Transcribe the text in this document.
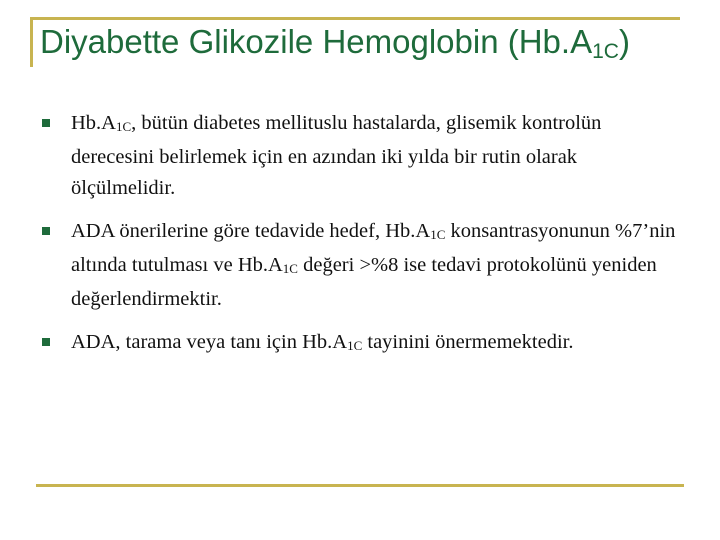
Diyabette Glikozile Hemoglobin $(Hb.A_{1C})$
$Hb.A_{1C}$, bütün diabetes mellituslu hastalarda, glisemik kontrolün derecesini belirlemek için en azından iki yılda bir rutin olarak ölçülmelidir.
ADA önerilerine göre tedavide hedef, $Hb.A_{1C}$ konsantrasyonunun %7’nin altında tutulması ve $Hb.A_{1C}$ değeri >%8 ise tedavi protokolünü yeniden değerlendirmektir.
ADA, tarama veya tanı için $Hb.A_{1C}$ tayinini önermemektedir.
